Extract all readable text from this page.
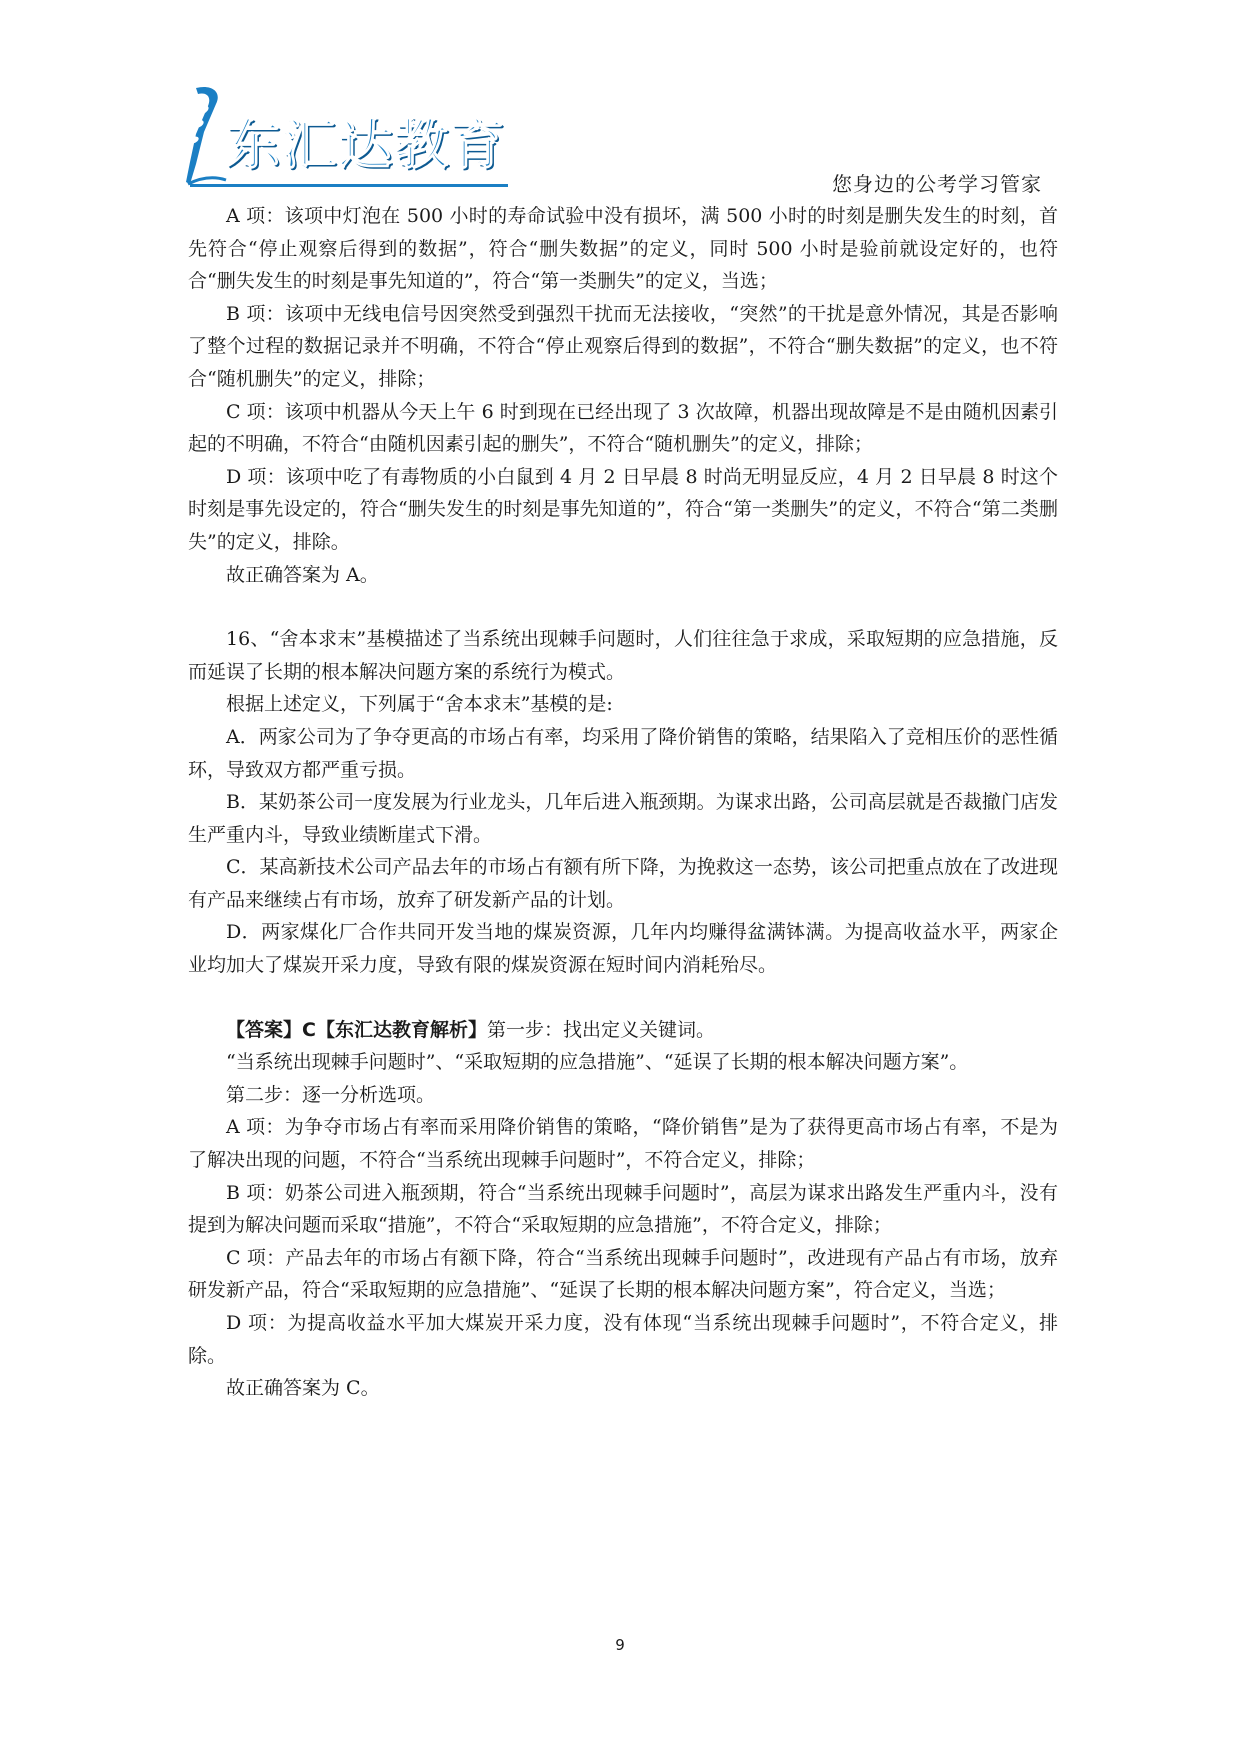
东汇达教育
您身边的公考学习管家

A 项：该项中灯泡在 500 小时的寿命试验中没有损坏，满 500 小时的时刻是删失发生的时刻，首先符合“停止观察后得到的数据”，符合“删失数据”的定义，同时 500 小时是验前就设定好的，也符合“删失发生的时刻是事先知道的”，符合“第一类删失”的定义，当选；

B 项：该项中无线电信号因突然受到强烈干扰而无法接收，“突然”的干扰是意外情况，其是否影响了整个过程的数据记录并不明确，不符合“停止观察后得到的数据”，不符合“删失数据”的定义，也不符合“随机删失”的定义，排除；

C 项：该项中机器从今天上午 6 时到现在已经出现了 3 次故障，机器出现故障是不是由随机因素引起的不明确，不符合“由随机因素引起的删失”，不符合“随机删失”的定义，排除；

D 项：该项中吃了有毒物质的小白鼠到 4 月 2 日早晨 8 时尚无明显反应，4 月 2 日早晨 8 时这个时刻是事先设定的，符合“删失发生的时刻是事先知道的”，符合“第一类删失”的定义，不符合“第二类删失”的定义，排除。

故正确答案为 A。

16、“舍本求末”基模描述了当系统出现棘手问题时，人们往往急于求成，采取短期的应急措施，反而延误了长期的根本解决问题方案的系统行为模式。

根据上述定义，下列属于“舍本求末”基模的是:

A．两家公司为了争夺更高的市场占有率，均采用了降价销售的策略，结果陷入了竞相压价的恶性循环，导致双方都严重亏损。

B．某奶茶公司一度发展为行业龙头，几年后进入瓶颈期。为谋求出路，公司高层就是否裁撤门店发生严重内斗，导致业绩断崖式下滑。

C．某高新技术公司产品去年的市场占有额有所下降，为挽救这一态势，该公司把重点放在了改进现有产品来继续占有市场，放弃了研发新产品的计划。

D．两家煤化厂合作共同开发当地的煤炭资源，几年内均赚得盆满钵满。为提高收益水平，两家企业均加大了煤炭开采力度，导致有限的煤炭资源在短时间内消耗殆尽。

【答案】C【东汇达教育解析】第一步：找出定义关键词。

“当系统出现棘手问题时”、“采取短期的应急措施”、“延误了长期的根本解决问题方案”。

第二步：逐一分析选项。

A 项：为争夺市场占有率而采用降价销售的策略，“降价销售”是为了获得更高市场占有率，不是为了解决出现的问题，不符合“当系统出现棘手问题时”，不符合定义，排除；

B 项：奶茶公司进入瓶颈期，符合“当系统出现棘手问题时”，高层为谋求出路发生严重内斗，没有提到为解决问题而采取“措施”，不符合“采取短期的应急措施”，不符合定义，排除；

C 项：产品去年的市场占有额下降，符合“当系统出现棘手问题时”，改进现有产品占有市场，放弃研发新产品，符合“采取短期的应急措施”、“延误了长期的根本解决问题方案”，符合定义，当选；

D 项：为提高收益水平加大煤炭开采力度，没有体现“当系统出现棘手问题时”，不符合定义，排除。

故正确答案为 C。

9
